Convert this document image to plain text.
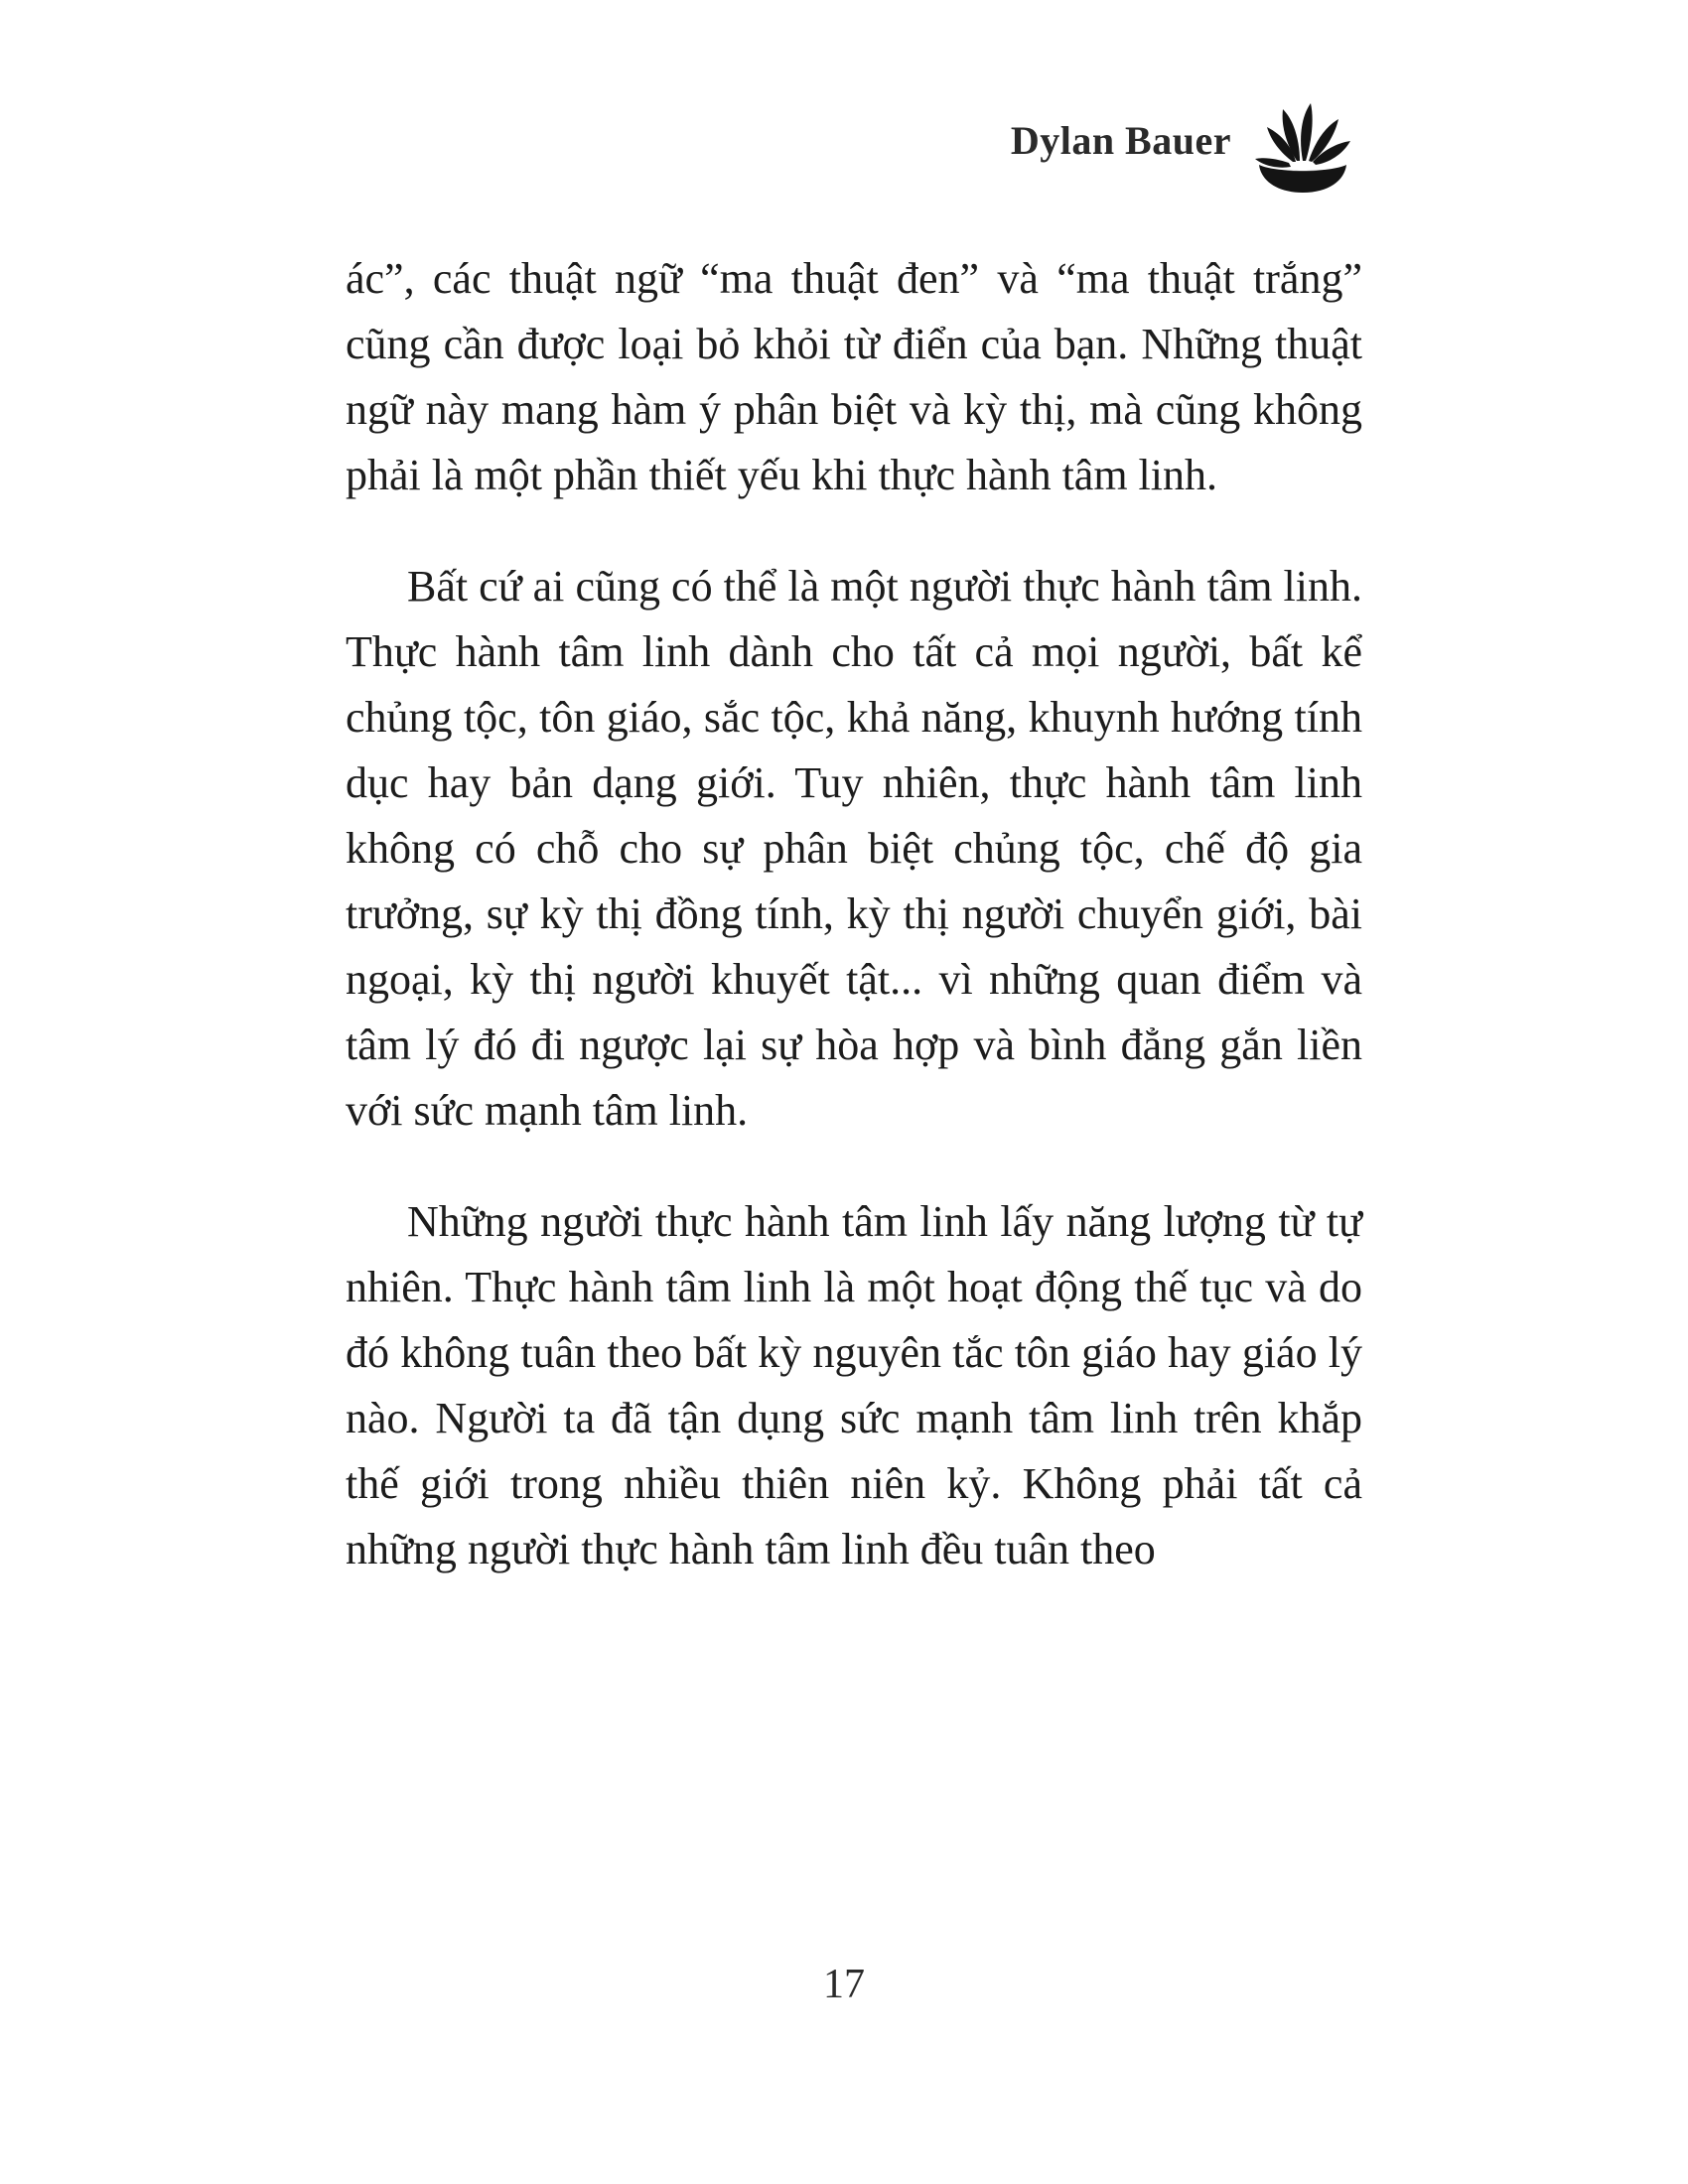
Dylan Bauer

ác”, các thuật ngữ “ma thuật đen” và “ma thuật trắng” cũng cần được loại bỏ khỏi từ điển của bạn. Những thuật ngữ này mang hàm ý phân biệt và kỳ thị, mà cũng không phải là một phần thiết yếu khi thực hành tâm linh.

Bất cứ ai cũng có thể là một người thực hành tâm linh. Thực hành tâm linh dành cho tất cả mọi người, bất kể chủng tộc, tôn giáo, sắc tộc, khả năng, khuynh hướng tính dục hay bản dạng giới. Tuy nhiên, thực hành tâm linh không có chỗ cho sự phân biệt chủng tộc, chế độ gia trưởng, sự kỳ thị đồng tính, kỳ thị người chuyển giới, bài ngoại, kỳ thị người khuyết tật... vì những quan điểm và tâm lý đó đi ngược lại sự hòa hợp và bình đẳng gắn liền với sức mạnh tâm linh.

Những người thực hành tâm linh lấy năng lượng từ tự nhiên. Thực hành tâm linh là một hoạt động thế tục và do đó không tuân theo bất kỳ nguyên tắc tôn giáo hay giáo lý nào. Người ta đã tận dụng sức mạnh tâm linh trên khắp thế giới trong nhiều thiên niên kỷ. Không phải tất cả những người thực hành tâm linh đều tuân theo

17
